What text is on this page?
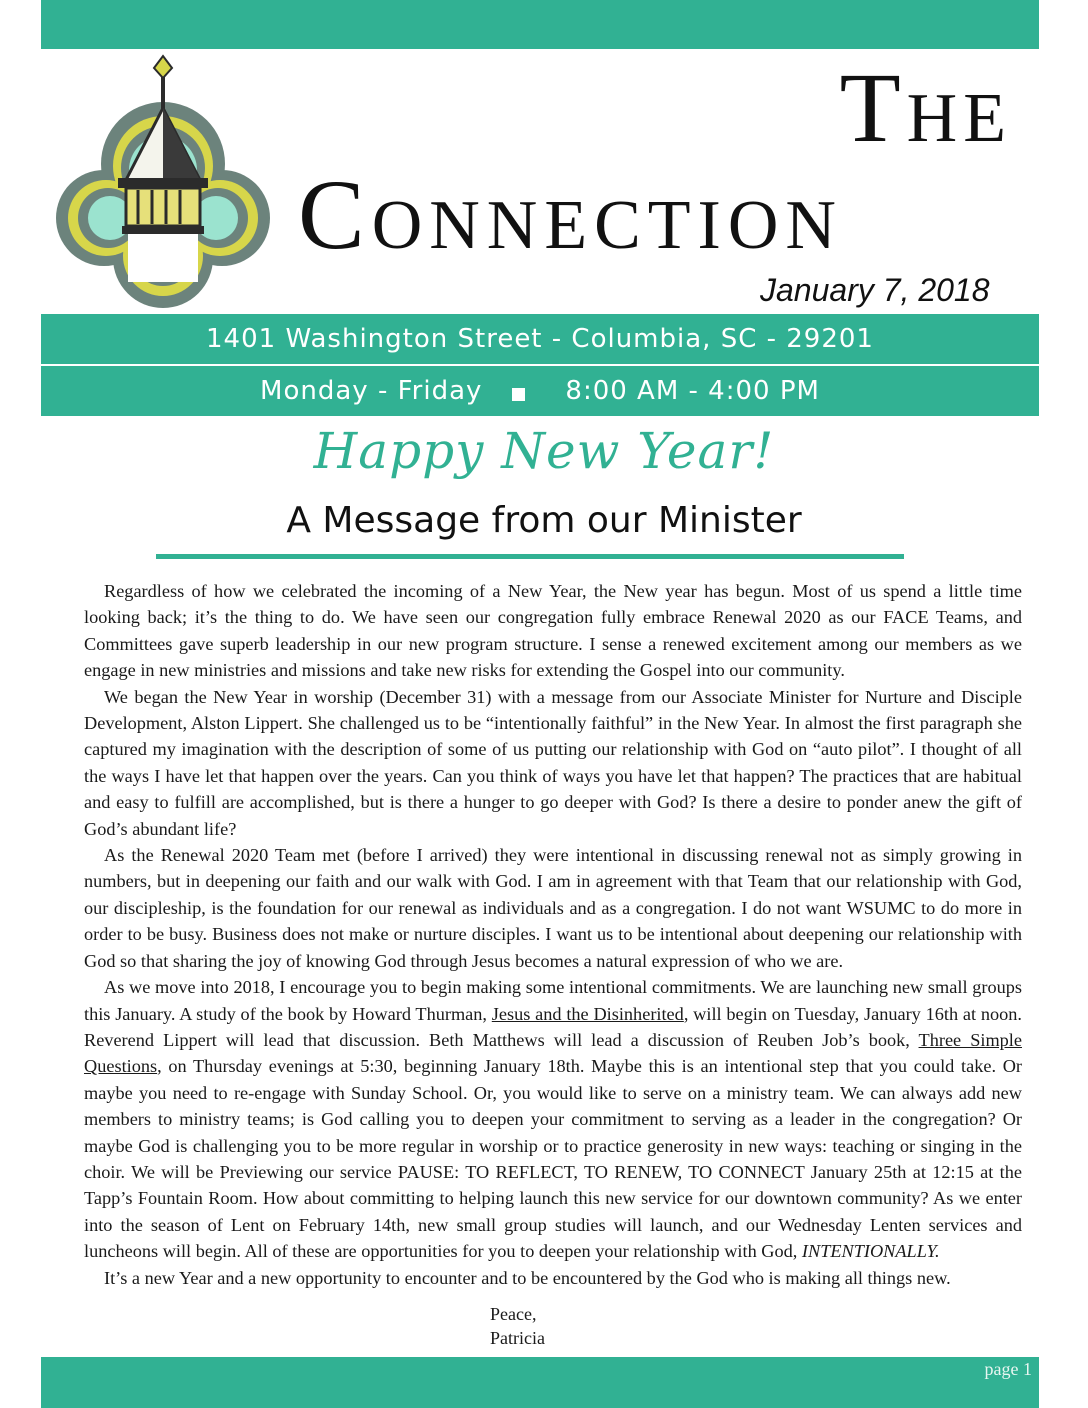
The
Connection
January 7, 2018
1401 Washington Street - Columbia, SC - 29201
Monday - Friday	8:00 AM - 4:00 PM
Happy New Year!
A Message from our Minister

Regardless of how we celebrated the incoming of a New Year, the New year has begun. Most of us spend a little time looking back; it’s the thing to do. We have seen our congregation fully embrace Renewal 2020 as our FACE Teams, and Committees gave superb leadership in our new program structure. I sense a renewed excitement among our members as we engage in new ministries and missions and take new risks for extending the Gospel into our community.

We began the New Year in worship (December 31) with a message from our Associate Minister for Nurture and Disciple Development, Alston Lippert. She challenged us to be “intentionally faithful” in the New Year. In almost the first paragraph she captured my imagination with the description of some of us putting our relationship with God on “auto pilot”. I thought of all the ways I have let that happen over the years. Can you think of ways you have let that happen? The practices that are habitual and easy to fulfill are accomplished, but is there a hunger to go deeper with God? Is there a desire to ponder anew the gift of God’s abundant life?

As the Renewal 2020 Team met (before I arrived) they were intentional in discussing renewal not as simply growing in numbers, but in deepening our faith and our walk with God. I am in agreement with that Team that our relationship with God, our discipleship, is the foundation for our renewal as individuals and as a congregation. I do not want WSUMC to do more in order to be busy. Business does not make or nurture disciples. I want us to be intentional about deepening our relationship with God so that sharing the joy of knowing God through Jesus becomes a natural expression of who we are.

As we move into 2018, I encourage you to begin making some intentional commitments. We are launching new small groups this January. A study of the book by Howard Thurman, Jesus and the Disinherited, will begin on Tuesday, January 16th at noon. Reverend Lippert will lead that discussion. Beth Matthews will lead a discussion of Reuben Job’s book, Three Simple Questions, on Thursday evenings at 5:30, beginning January 18th. Maybe this is an intentional step that you could take. Or maybe you need to re-engage with Sunday School. Or, you would like to serve on a ministry team. We can always add new members to ministry teams; is God calling you to deepen your commitment to serving as a leader in the congregation? Or maybe God is challenging you to be more regular in worship or to practice generosity in new ways: teaching or singing in the choir. We will be Previewing our service PAUSE: TO REFLECT, TO RENEW, TO CONNECT January 25th at 12:15 at the Tapp’s Fountain Room. How about committing to helping launch this new service for our downtown community? As we enter into the season of Lent on February 14th, new small group studies will launch, and our Wednesday Lenten services and luncheons will begin. All of these are opportunities for you to deepen your relationship with God, INTENTIONALLY.

It’s a new Year and a new opportunity to encounter and to be encountered by the God who is making all things new.

Peace,
Patricia
page 1
